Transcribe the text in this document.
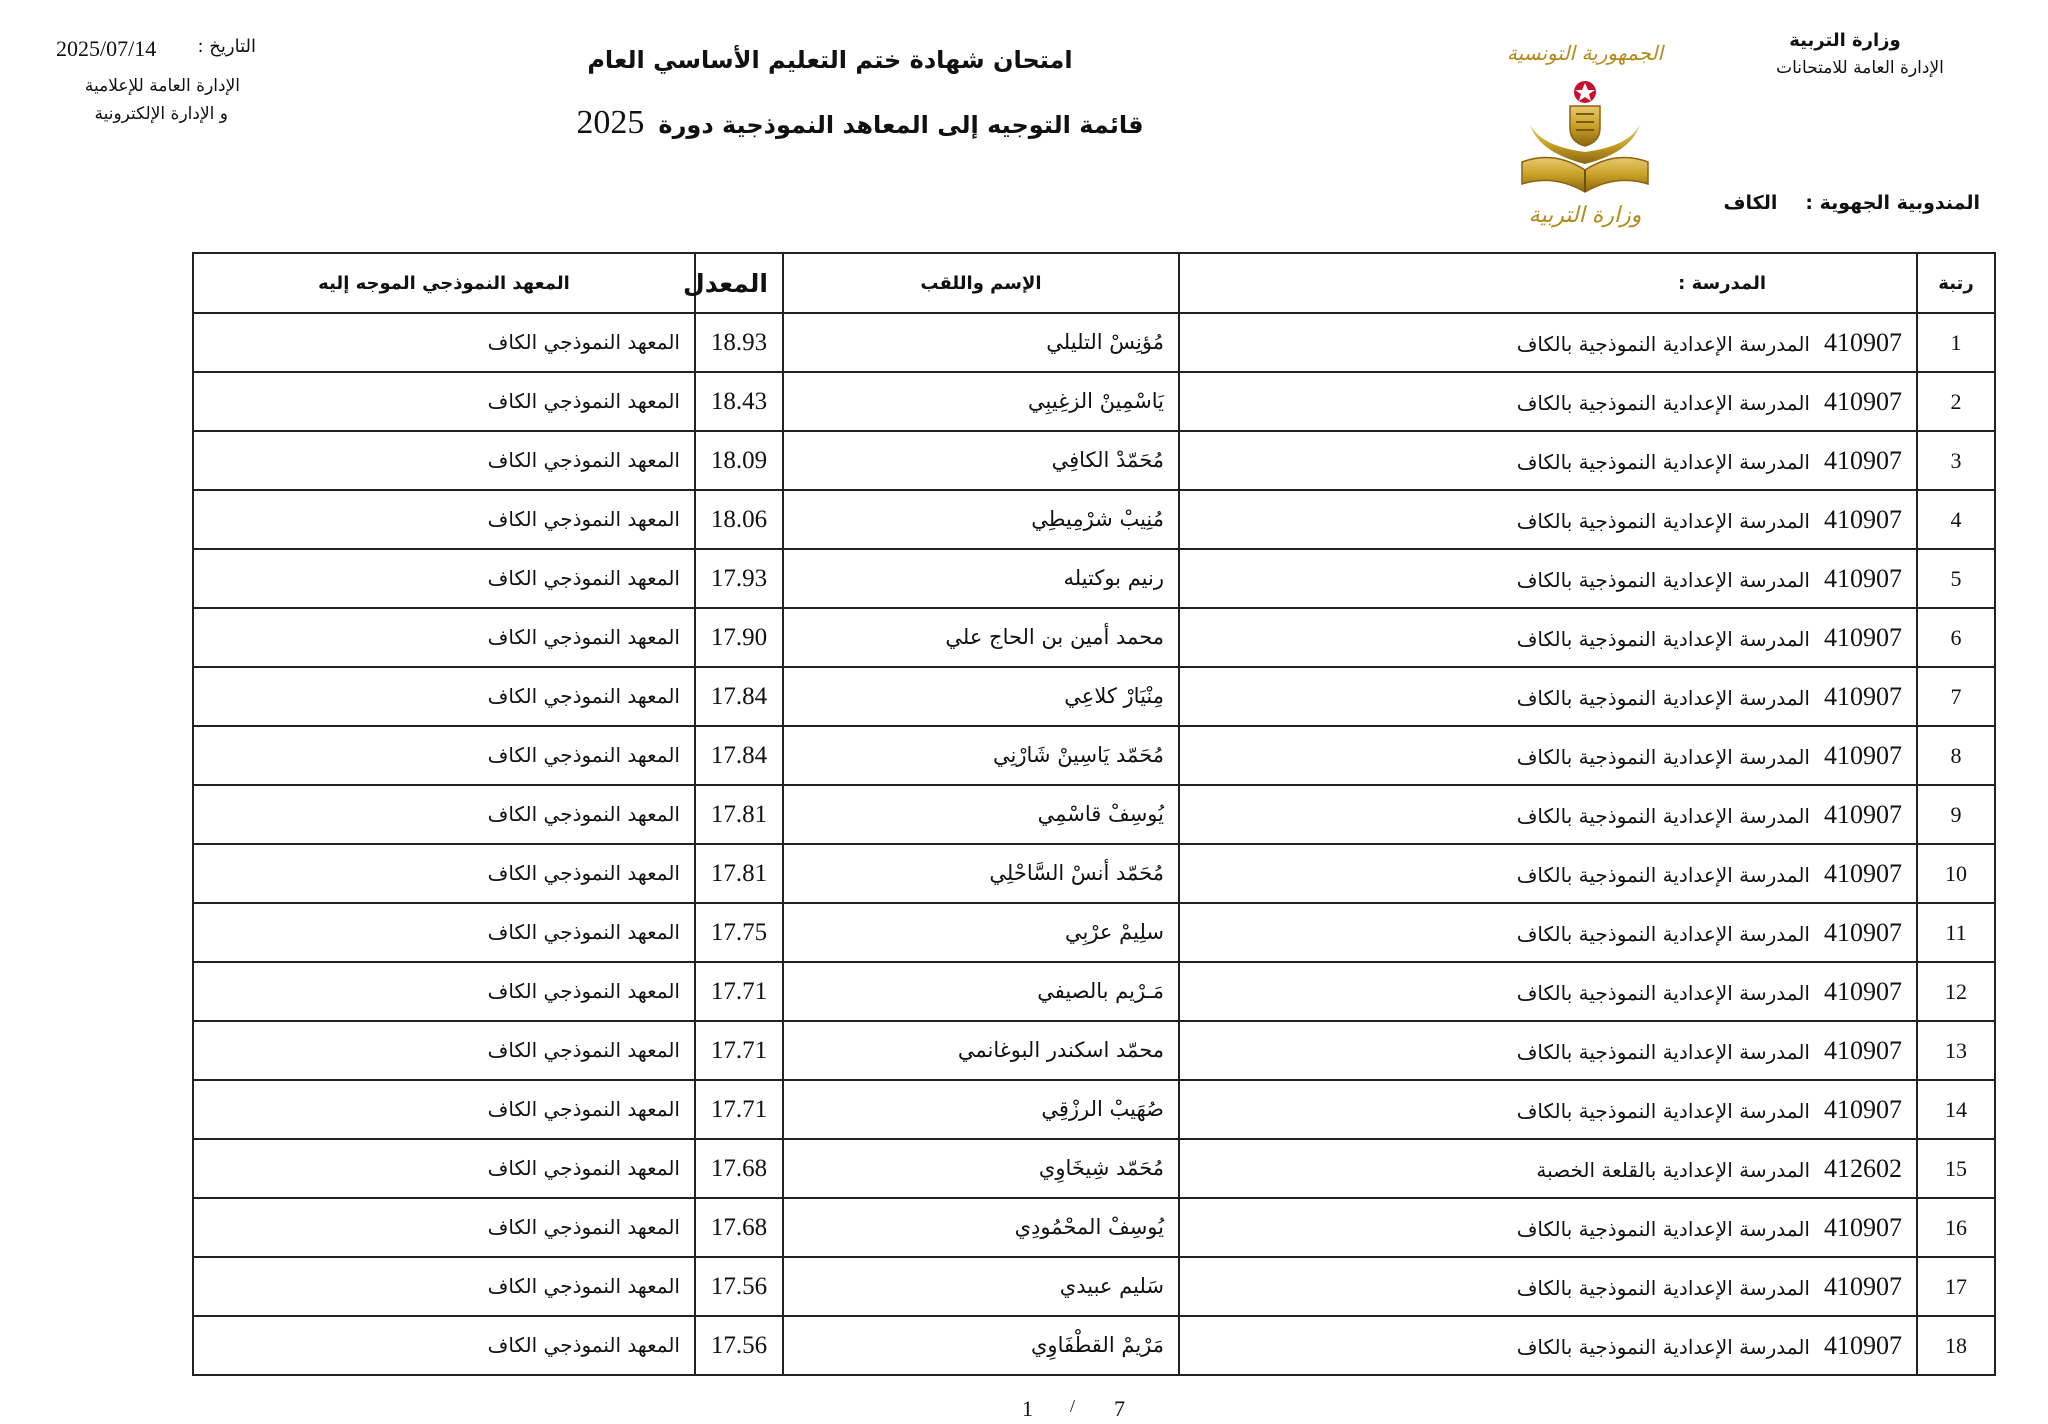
2025/07/14 التاريخ :
الإدارة العامة للإعلامية
و الإدارة الإلكترونية
امتحان شهادة ختم التعليم الأساسي العام
قائمة التوجيه إلى المعاهد النموذجية دورة2025
الجمهورية التونسية
وزارة التربية
وزارة التربية
الإدارة العامة للامتحانات
المندوبية الجهوية :الكاف
رتبة	المدرسة :	الإسم واللقب	المعدل	المعهد النموذجي الموجه إليه
1	410907المدرسة الإعدادية النموذجية بالكاف	مُؤنِسْ التليلي	18.93	المعهد النموذجي الكاف
2	410907المدرسة الإعدادية النموذجية بالكاف	يَاسْمِينْ الزغِيبِي	18.43	المعهد النموذجي الكاف
3	410907المدرسة الإعدادية النموذجية بالكاف	مُحَمّدْ الكافِي	18.09	المعهد النموذجي الكاف
4	410907المدرسة الإعدادية النموذجية بالكاف	مُنِيبْ شرْمِيطِي	18.06	المعهد النموذجي الكاف
5	410907المدرسة الإعدادية النموذجية بالكاف	رنيم بوكتيله	17.93	المعهد النموذجي الكاف
6	410907المدرسة الإعدادية النموذجية بالكاف	محمد أمين بن الحاج علي	17.90	المعهد النموذجي الكاف
7	410907المدرسة الإعدادية النموذجية بالكاف	مِنْيَارْ كلاعِي	17.84	المعهد النموذجي الكاف
8	410907المدرسة الإعدادية النموذجية بالكاف	مُحَمّد يَاسِينْ شَارْنِي	17.84	المعهد النموذجي الكاف
9	410907المدرسة الإعدادية النموذجية بالكاف	يُوسِفْ قاسْمِي	17.81	المعهد النموذجي الكاف
10	410907المدرسة الإعدادية النموذجية بالكاف	مُحَمّد أنسْ السَّاحْلِي	17.81	المعهد النموذجي الكاف
11	410907المدرسة الإعدادية النموذجية بالكاف	سلِيمْ عرْبِي	17.75	المعهد النموذجي الكاف
12	410907المدرسة الإعدادية النموذجية بالكاف	مَـرْيم بالصيفي	17.71	المعهد النموذجي الكاف
13	410907المدرسة الإعدادية النموذجية بالكاف	محمّد اسكندر البوغانمي	17.71	المعهد النموذجي الكاف
14	410907المدرسة الإعدادية النموذجية بالكاف	صُهَيبْ الرزْقِي	17.71	المعهد النموذجي الكاف
15	412602المدرسة الإعدادية بالقلعة الخصبة	مُحَمّد شِيخَاوِي	17.68	المعهد النموذجي الكاف
16	410907المدرسة الإعدادية النموذجية بالكاف	يُوسِفْ المحْمُودِي	17.68	المعهد النموذجي الكاف
17	410907المدرسة الإعدادية النموذجية بالكاف	سَليم عبيدي	17.56	المعهد النموذجي الكاف
18	410907المدرسة الإعدادية النموذجية بالكاف	مَرْيمْ القطْفَاوِي	17.56	المعهد النموذجي الكاف
1 / 7
